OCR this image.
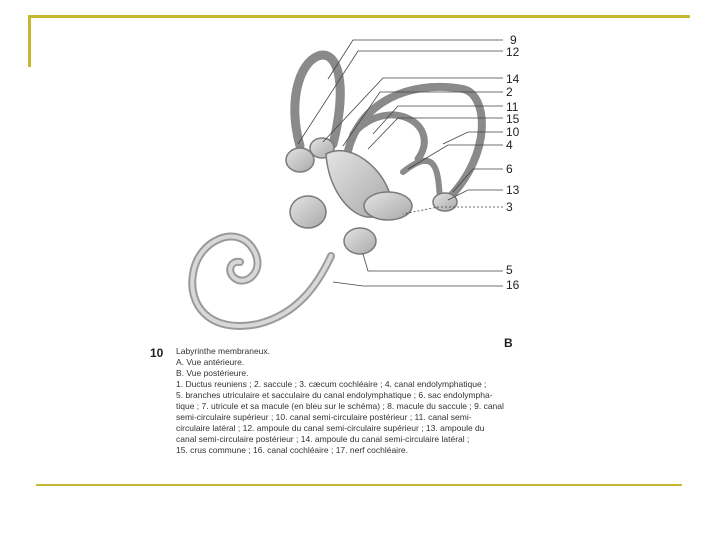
9
12
14
2
11
15
10
4
6
13
3
5
16
B
10 Labyrinthe membraneux.
A. Vue antérieure.
B. Vue postérieure.
1. Ductus reuniens ; 2. saccule ; 3. cæcum cochléaire ; 4. canal endolymphatique ;
5. branches utriculaire et sacculaire du canal endolymphatique ; 6. sac endolympha-
tique ; 7. utricule et sa macule (en bleu sur le schéma) ; 8. macule du saccule ; 9. canal
semi-circulaire supérieur ; 10. canal semi-circulaire postérieur ; 11. canal semi-
circulaire latéral ; 12. ampoule du canal semi-circulaire supérieur ; 13. ampoule du
canal semi-circulaire postérieur ; 14. ampoule du canal semi-circulaire latéral ;
15. crus commune ; 16. canal cochléaire ; 17. nerf cochléaire.
